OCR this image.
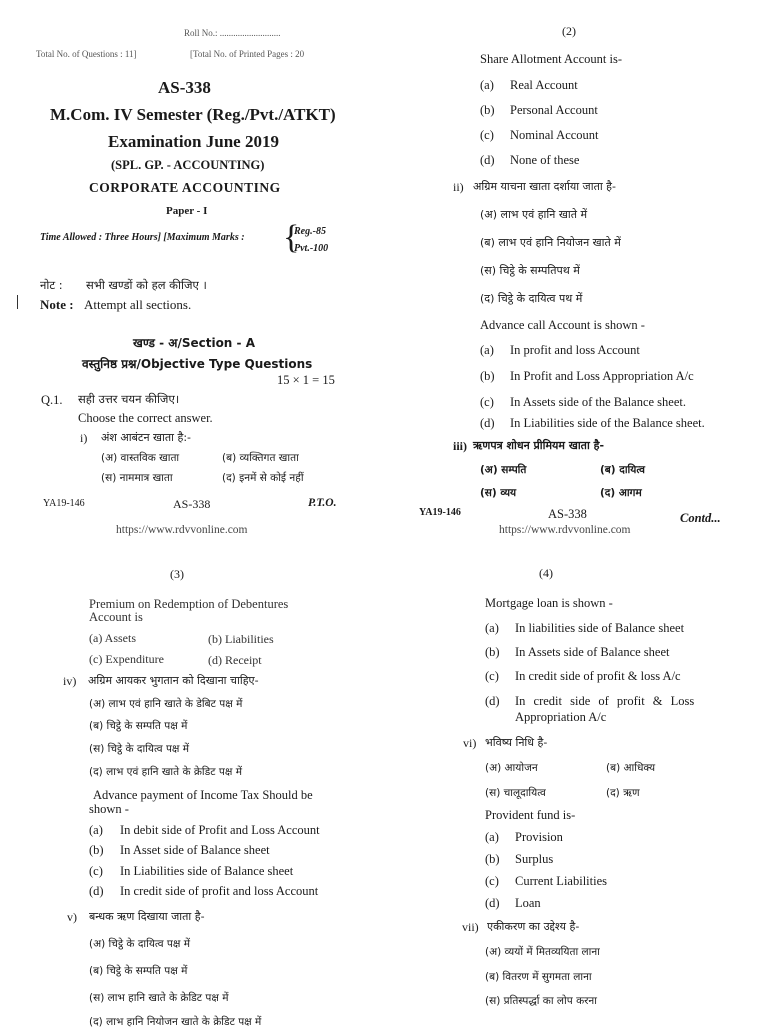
Roll No.: ...........................
Total No. of Questions : 11]	[Total No. of Printed Pages : 20
AS-338
M.Com. IV Semester (Reg./Pvt./ATKT)
Examination June 2019
(SPL. GP. - ACCOUNTING)
CORPORATE ACCOUNTING
Paper - I
Time Allowed : Three Hours] [Maximum Marks : {
Reg.-85
Pvt.-100
नोट : सभी खण्डों को हल कीजिए ।
Note : Attempt all sections.
खण्ड - अ/Section - A
वस्तुनिष्ठ प्रश्न/Objective Type Questions
15 × 1 = 15
Q.1. सही उत्तर चयन कीजिए।
Choose the correct answer.
i) अंश आबंटन खाता है:-
(अ) वास्तविक खाता	(ब) व्यक्तिगत खाता
(स) नाममात्र खाता	(द) इनमें से कोई नहीं
YA19-146	AS-338	P.T.O.
https://www.rdvvonline.com
(2)
Share Allotment Account is-
(a) Real Account
(b) Personal Account
(c) Nominal Account
(d) None of these
ii) अग्रिम याचना खाता दर्शाया जाता है-
(अ) लाभ एवं हानि खाते में
(ब) लाभ एवं हानि नियोजन खाते में
(स) चिट्ठे के सम्पतिपथ में
(द) चिट्ठे के दायित्व पथ में
Advance call Account is shown -
(a) In profit and loss Account
(b) In Profit and Loss Appropriation A/c
(c) In Assets side of the Balance sheet.
(d) In Liabilities side of the Balance sheet.
iii) ऋणपत्र शोधन प्रीमियम खाता है-
(अ) सम्पति	(ब) दायित्व
(स) व्यय	(द) आगम
YA19-146	AS-338	Contd...
https://www.rdvvonline.com
(3)
Premium on Redemption of Debentures
Account is
(a) Assets	(b) Liabilities
(c) Expenditure	(d) Receipt
iv) अग्रिम आयकर भुगतान को दिखाना चाहिए-
(अ) लाभ एवं हानि खाते के डेबिट पक्ष में
(ब) चिट्ठे के सम्पति पक्ष में
(स) चिट्ठे के दायित्व पक्ष में
(द) लाभ एवं हानि खाते के क्रेडिट पक्ष में
Advance payment of Income Tax Should be
shown -
(a) In debit side of Profit and Loss Account
(b) In Asset side of Balance sheet
(c) In Liabilities side of Balance sheet
(d) In credit side of profit and loss Account
v) बन्धक ऋण दिखाया जाता है-
(अ) चिट्ठे के दायित्व पक्ष में
(ब) चिट्ठे के सम्पति पक्ष में
(स) लाभ हानि खाते के क्रेडिट पक्ष में
(द) लाभ हानि नियोजन खाते के क्रेडिट पक्ष में
(4)
Mortgage loan is shown -
(a) In liabilities side of Balance sheet
(b) In Assets side of Balance sheet
(c) In credit side of profit & loss A/c
(d) In credit side of profit & Loss
Appropriation A/c
vi) भविष्य निधि है-
(अ) आयोजन	(ब) आधिक्य
(स) चालूदायित्व	(द) ऋण
Provident fund is-
(a) Provision
(b) Surplus
(c) Current Liabilities
(d) Loan
vii) एकीकरण का उद्देश्य है-
(अ) व्ययों में मितव्ययिता लाना
(ब) वितरण में सुगमता लाना
(स) प्रतिस्पर्द्धा का लोप करना
